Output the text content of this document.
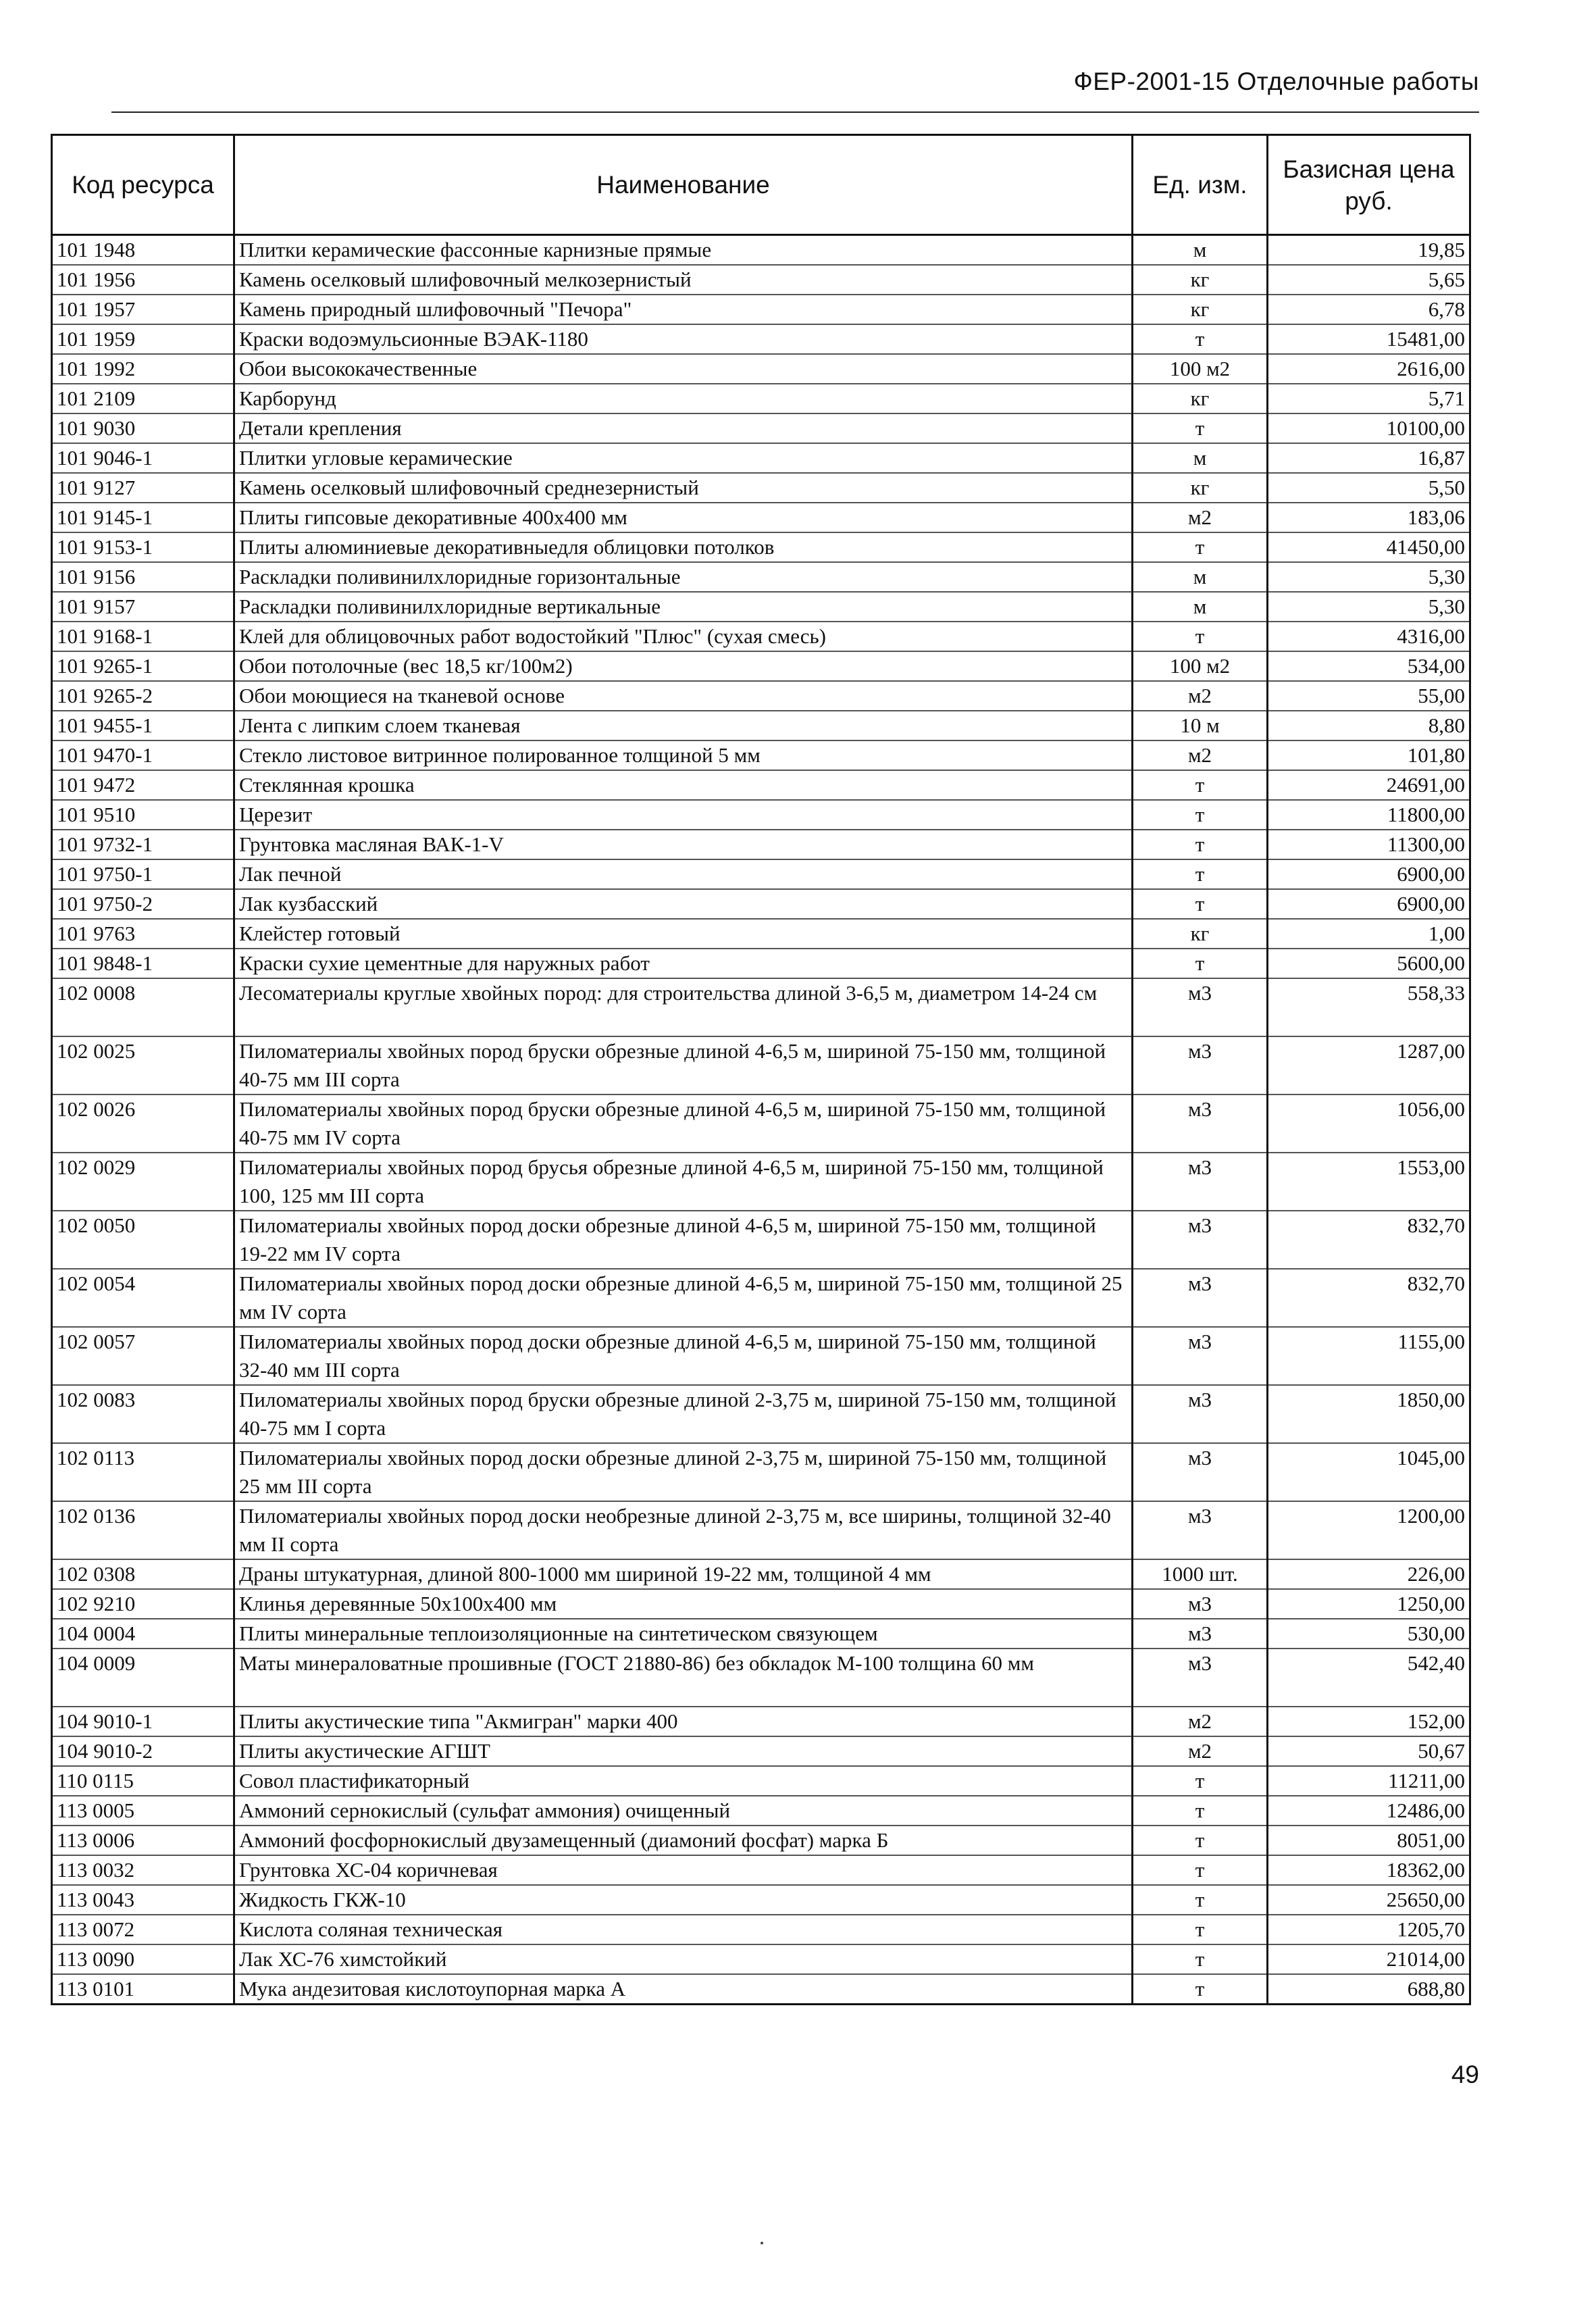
ФЕР-2001-15 Отделочные работы
Код ресурса	Наименование	Ед. изм.	Базисная цена руб.
101 1948	Плитки керамические фассонные карнизные прямые	м	19,85
101 1956	Камень оселковый шлифовочный мелкозернистый	кг	5,65
101 1957	Камень природный шлифовочный "Печора"	кг	6,78
101 1959	Краски водоэмульсионные ВЭАК-1180	т	15481,00
101 1992	Обои высококачественные	100 м2	2616,00
101 2109	Карборунд	кг	5,71
101 9030	Детали крепления	т	10100,00
101 9046-1	Плитки угловые керамические	м	16,87
101 9127	Камень оселковый шлифовочный среднезернистый	кг	5,50
101 9145-1	Плиты гипсовые декоративные 400х400 мм	м2	183,06
101 9153-1	Плиты алюминиевые декоративныедля облицовки потолков	т	41450,00
101 9156	Раскладки поливинилхлоридные горизонтальные	м	5,30
101 9157	Раскладки поливинилхлоридные вертикальные	м	5,30
101 9168-1	Клей для облицовочных работ водостойкий "Плюс" (сухая смесь)	т	4316,00
101 9265-1	Обои потолочные (вес 18,5 кг/100м2)	100 м2	534,00
101 9265-2	Обои моющиеся на тканевой основе	м2	55,00
101 9455-1	Лента с липким слоем тканевая	10 м	8,80
101 9470-1	Стекло листовое витринное полированное толщиной 5 мм	м2	101,80
101 9472	Стеклянная крошка	т	24691,00
101 9510	Церезит	т	11800,00
101 9732-1	Грунтовка масляная ВАК-1-V	т	11300,00
101 9750-1	Лак печной	т	6900,00
101 9750-2	Лак кузбасский	т	6900,00
101 9763	Клейстер готовый	кг	1,00
101 9848-1	Краски сухие цементные для наружных работ	т	5600,00
102 0008	Лесоматериалы круглые хвойных пород: для строительства длиной 3-6,5 м, диаметром 14-24 см	м3	558,33
102 0025	Пиломатериалы хвойных пород бруски обрезные длиной 4-6,5 м, шириной 75-150 мм, толщиной 40-75 мм III сорта	м3	1287,00
102 0026	Пиломатериалы хвойных пород бруски обрезные длиной 4-6,5 м, шириной 75-150 мм, толщиной 40-75 мм IV сорта	м3	1056,00
102 0029	Пиломатериалы хвойных пород брусья обрезные длиной 4-6,5 м, шириной 75-150 мм, толщиной 100, 125 мм III сорта	м3	1553,00
102 0050	Пиломатериалы хвойных пород доски обрезные длиной 4-6,5 м, шириной 75-150 мм, толщиной 19-22 мм IV сорта	м3	832,70
102 0054	Пиломатериалы хвойных пород доски обрезные длиной 4-6,5 м, шириной 75-150 мм, толщиной 25 мм IV сорта	м3	832,70
102 0057	Пиломатериалы хвойных пород доски обрезные длиной 4-6,5 м, шириной 75-150 мм, толщиной 32-40 мм III сорта	м3	1155,00
102 0083	Пиломатериалы хвойных пород бруски обрезные длиной 2-3,75 м, шириной 75-150 мм, толщиной 40-75 мм I сорта	м3	1850,00
102 0113	Пиломатериалы хвойных пород доски обрезные длиной 2-3,75 м, шириной 75-150 мм, толщиной 25 мм III сорта	м3	1045,00
102 0136	Пиломатериалы хвойных пород доски необрезные длиной 2-3,75 м, все ширины, толщиной 32-40 мм II сорта	м3	1200,00
102 0308	Драны штукатурная, длиной 800-1000 мм шириной 19-22 мм, толщиной 4 мм	1000 шт.	226,00
102 9210	Клинья деревянные 50х100х400 мм	м3	1250,00
104 0004	Плиты минеральные теплоизоляционные на синтетическом связующем	м3	530,00
104 0009	Маты минераловатные прошивные (ГОСТ 21880-86) без обкладок М-100 толщина 60 мм	м3	542,40
104 9010-1	Плиты акустические типа "Акмигран" марки 400	м2	152,00
104 9010-2	Плиты акустические АГШТ	м2	50,67
110 0115	Совол пластификаторный	т	11211,00
113 0005	Аммоний сернокислый (сульфат аммония) очищенный	т	12486,00
113 0006	Аммоний фосфорнокислый двузамещенный (диамоний фосфат) марка Б	т	8051,00
113 0032	Грунтовка ХС-04 коричневая	т	18362,00
113 0043	Жидкость ГКЖ-10	т	25650,00
113 0072	Кислота соляная техническая	т	1205,70
113 0090	Лак ХС-76 химстойкий	т	21014,00
113 0101	Мука андезитовая кислотоупорная марка А	т	688,80
49
